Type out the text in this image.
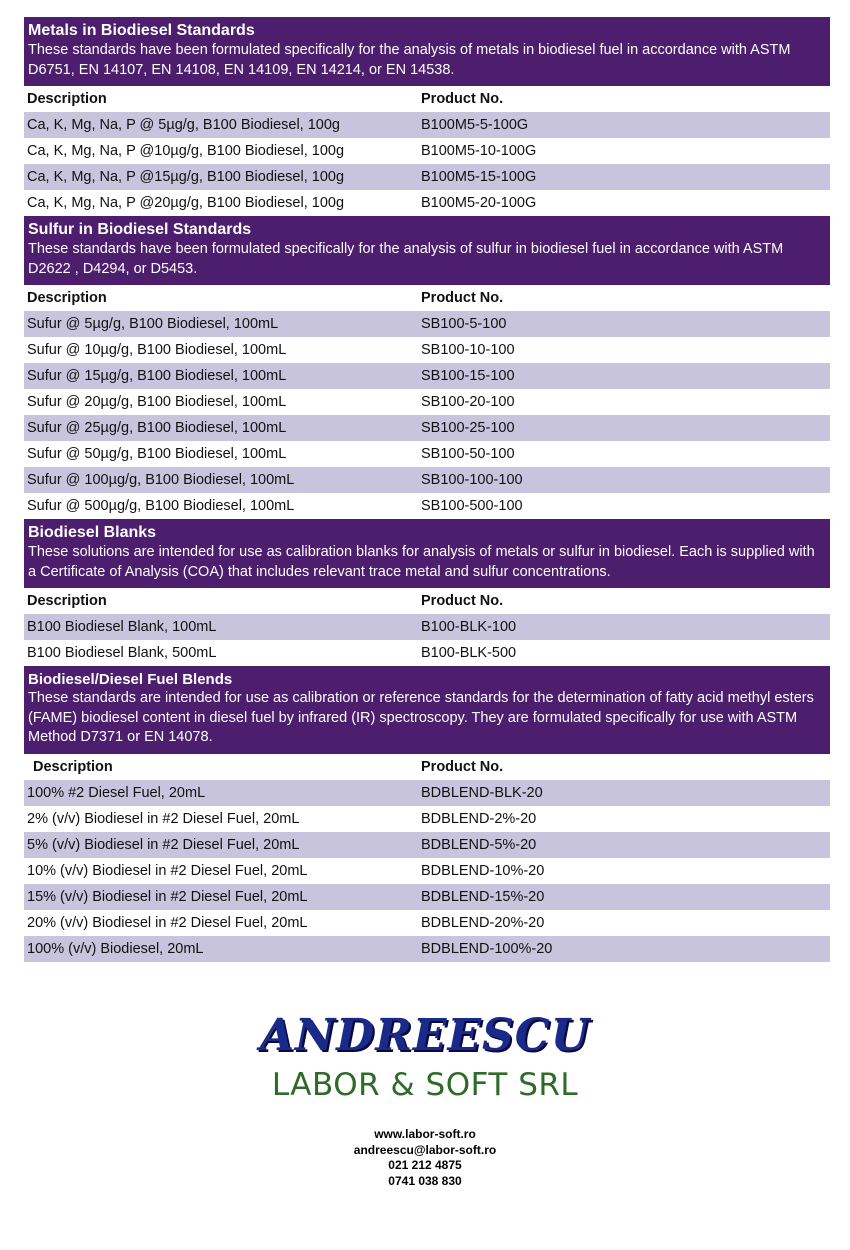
Metals in Biodiesel Standards
These standards have been formulated specifically for the analysis of metals in biodiesel fuel in accordance with ASTM D6751, EN 14107, EN 14108, EN 14109, EN 14214, or EN 14538.
Description	Product No.
Ca, K, Mg, Na, P @ 5µg/g, B100 Biodiesel, 100g	B100M5-5-100G
Ca, K, Mg, Na, P @10µg/g, B100 Biodiesel, 100g	B100M5-10-100G
Ca, K, Mg, Na, P @15µg/g, B100 Biodiesel, 100g	B100M5-15-100G
Ca, K, Mg, Na, P @20µg/g, B100 Biodiesel, 100g	B100M5-20-100G
Sulfur in Biodiesel Standards
These standards have been formulated specifically for the analysis of sulfur in biodiesel fuel in accordance with ASTM D2622 , D4294, or D5453.
Description	Product No.
Sufur @ 5µg/g, B100 Biodiesel, 100mL	SB100-5-100
Sufur @ 10µg/g, B100 Biodiesel, 100mL	SB100-10-100
Sufur @ 15µg/g, B100 Biodiesel, 100mL	SB100-15-100
Sufur @ 20µg/g, B100 Biodiesel, 100mL	SB100-20-100
Sufur @ 25µg/g, B100 Biodiesel, 100mL	SB100-25-100
Sufur @ 50µg/g, B100 Biodiesel, 100mL	SB100-50-100
Sufur @ 100µg/g, B100 Biodiesel, 100mL	SB100-100-100
Sufur @ 500µg/g, B100 Biodiesel, 100mL	SB100-500-100
Biodiesel Blanks
These solutions are intended for use as calibration blanks for analysis of metals or sulfur in biodiesel. Each is supplied with a Certificate of Analysis (COA) that includes relevant trace metal and sulfur concentrations.
Description	Product No.
B100 Biodiesel Blank, 100mL	B100-BLK-100
B100 Biodiesel Blank, 500mL	B100-BLK-500
Biodiesel/Diesel Fuel Blends
These standards are intended for use as calibration or reference standards for the determination of fatty acid methyl esters (FAME) biodiesel content in diesel fuel by infrared (IR) spectroscopy. They are formulated specifically for use with ASTM Method D7371 or EN 14078.
Description	Product No.
100% #2 Diesel Fuel, 20mL	BDBLEND-BLK-20
2% (v/v) Biodiesel in #2 Diesel Fuel, 20mL	BDBLEND-2%-20
5% (v/v) Biodiesel in #2 Diesel Fuel, 20mL	BDBLEND-5%-20
10% (v/v) Biodiesel in #2 Diesel Fuel, 20mL	BDBLEND-10%-20
15% (v/v) Biodiesel in #2 Diesel Fuel, 20mL	BDBLEND-15%-20
20% (v/v) Biodiesel in #2 Diesel Fuel, 20mL	BDBLEND-20%-20
100% (v/v) Biodiesel, 20mL	BDBLEND-100%-20
ANDREESCU
LABOR & SOFT SRL
www.labor-soft.ro
andreescu@labor-soft.ro
021 212 4875
0741 038 830
